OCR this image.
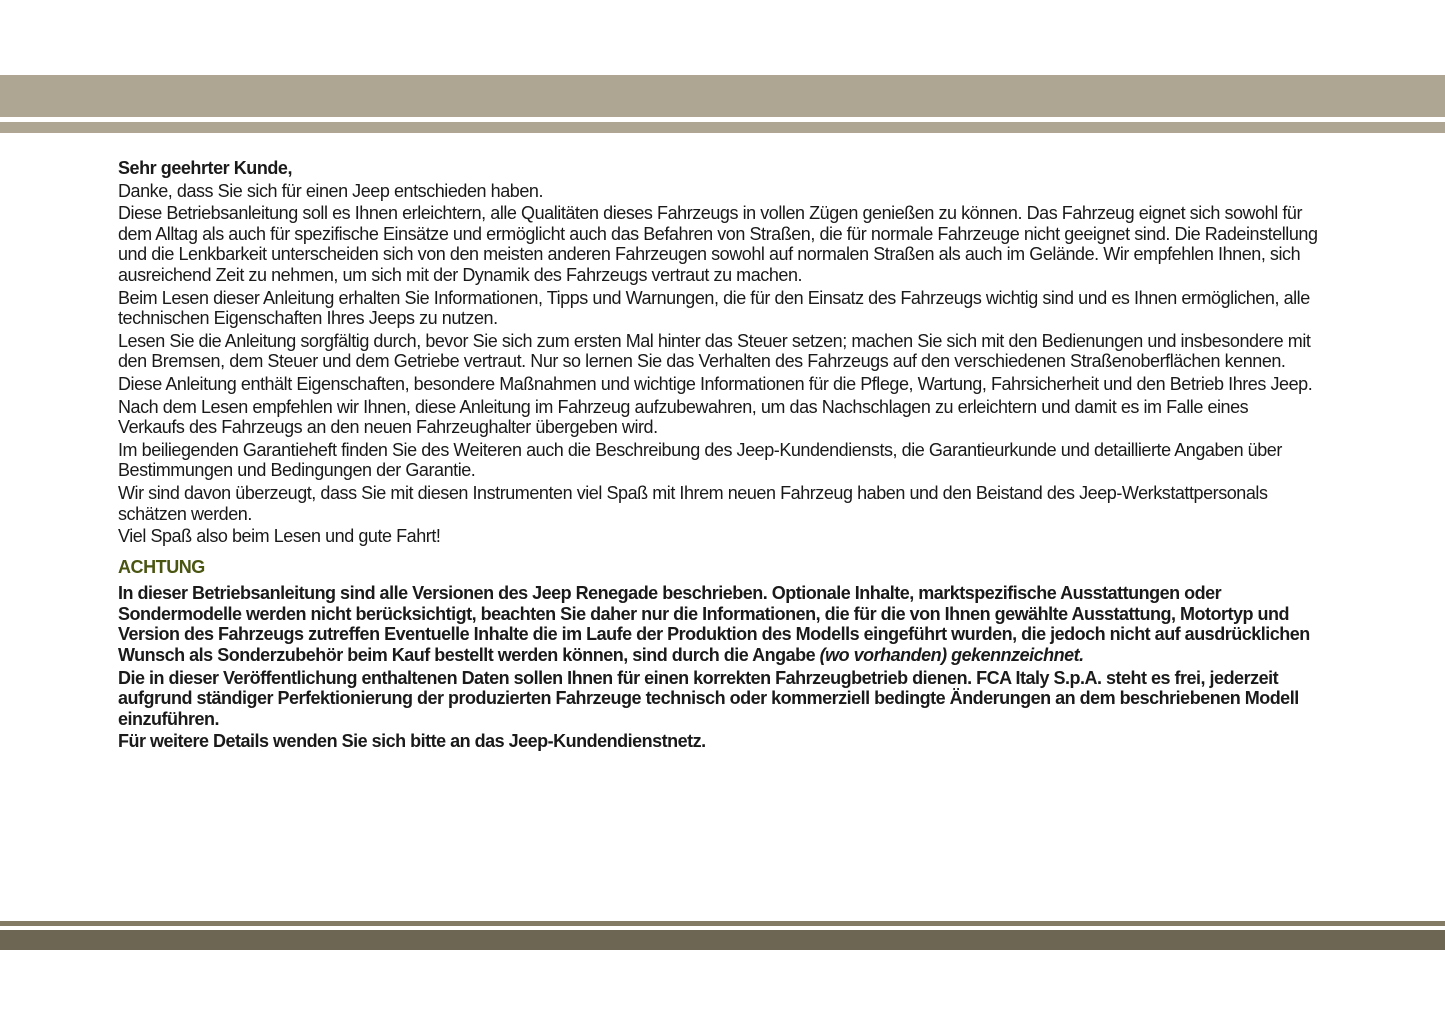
Sehr geehrter Kunde,

Danke, dass Sie sich für einen Jeep entschieden haben.

Diese Betriebsanleitung soll es Ihnen erleichtern, alle Qualitäten dieses Fahrzeugs in vollen Zügen genießen zu können. Das Fahrzeug eignet sich sowohl für dem Alltag als auch für spezifische Einsätze und ermöglicht auch das Befahren von Straßen, die für normale Fahrzeuge nicht geeignet sind. Die Radeinstellung und die Lenkbarkeit unterscheiden sich von den meisten anderen Fahrzeugen sowohl auf normalen Straßen als auch im Gelände. Wir empfehlen Ihnen, sich ausreichend Zeit zu nehmen, um sich mit der Dynamik des Fahrzeugs vertraut zu machen.

Beim Lesen dieser Anleitung erhalten Sie Informationen, Tipps und Warnungen, die für den Einsatz des Fahrzeugs wichtig sind und es Ihnen ermöglichen, alle technischen Eigenschaften Ihres Jeeps zu nutzen.

Lesen Sie die Anleitung sorgfältig durch, bevor Sie sich zum ersten Mal hinter das Steuer setzen; machen Sie sich mit den Bedienungen und insbesondere mit den Bremsen, dem Steuer und dem Getriebe vertraut. Nur so lernen Sie das Verhalten des Fahrzeugs auf den verschiedenen Straßenoberflächen kennen.

Diese Anleitung enthält Eigenschaften, besondere Maßnahmen und wichtige Informationen für die Pflege, Wartung, Fahrsicherheit und den Betrieb Ihres Jeep.

Nach dem Lesen empfehlen wir Ihnen, diese Anleitung im Fahrzeug aufzubewahren, um das Nachschlagen zu erleichtern und damit es im Falle eines Verkaufs des Fahrzeugs an den neuen Fahrzeughalter übergeben wird.

Im beiliegenden Garantieheft finden Sie des Weiteren auch die Beschreibung des Jeep-Kundendiensts, die Garantieurkunde und detaillierte Angaben über Bestimmungen und Bedingungen der Garantie.

Wir sind davon überzeugt, dass Sie mit diesen Instrumenten viel Spaß mit Ihrem neuen Fahrzeug haben und den Beistand des Jeep-Werkstattpersonals schätzen werden.

Viel Spaß also beim Lesen und gute Fahrt!

ACHTUNG

In dieser Betriebsanleitung sind alle Versionen des Jeep Renegade beschrieben. Optionale Inhalte, marktspezifische Ausstattungen oder Sondermodelle werden nicht berücksichtigt, beachten Sie daher nur die Informationen, die für die von Ihnen gewählte Ausstattung, Motortyp und Version des Fahrzeugs zutreffen Eventuelle Inhalte die im Laufe der Produktion des Modells eingeführt wurden, die jedoch nicht auf ausdrücklichen Wunsch als Sonderzubehör beim Kauf bestellt werden können, sind durch die Angabe (wo vorhanden) gekennzeichnet.

Die in dieser Veröffentlichung enthaltenen Daten sollen Ihnen für einen korrekten Fahrzeugbetrieb dienen. FCA Italy S.p.A. steht es frei, jederzeit aufgrund ständiger Perfektionierung der produzierten Fahrzeuge technisch oder kommerziell bedingte Änderungen an dem beschriebenen Modell einzuführen.

Für weitere Details wenden Sie sich bitte an das Jeep-Kundendienstnetz.
